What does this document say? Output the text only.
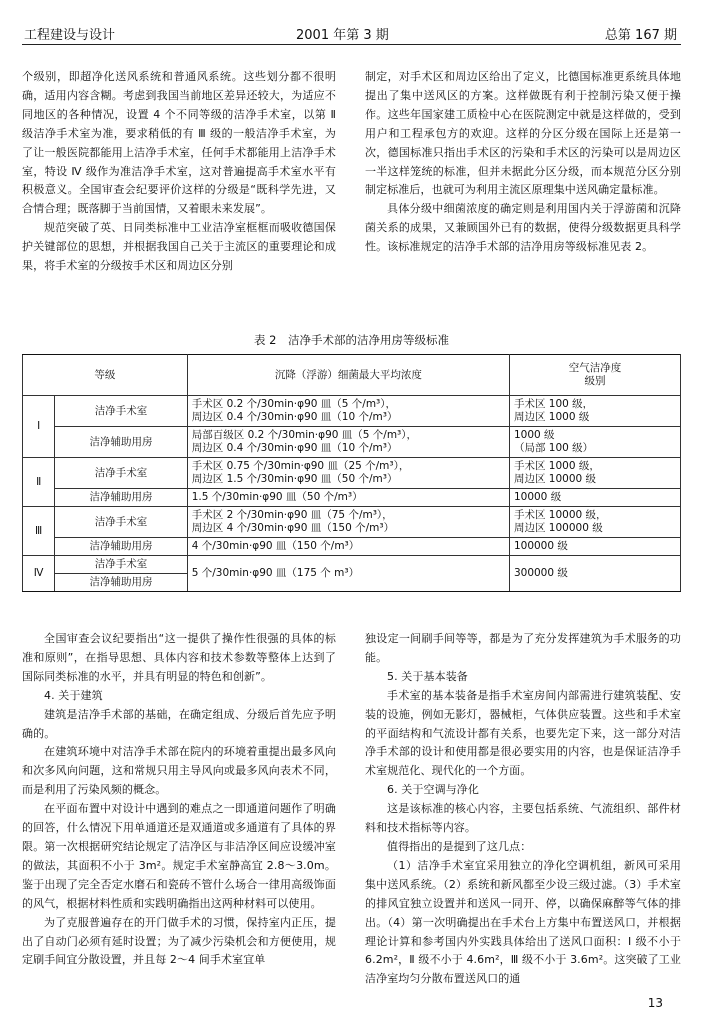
工程建设与设计	2001 年第 3 期	总第 167 期

个级别，即超净化送风系统和普通风系统。这些划分都不很明确，适用内容含糊。考虑到我国当前地区差异还较大，为适应不同地区的各种情况，设置 4 个不同等级的洁净手术室，以第 Ⅱ 级洁净手术室为准，要求稍低的有 Ⅲ 级的一般洁净手术室，为了让一般医院都能用上洁净手术室，任何手术都能用上洁净手术室，特设 Ⅳ 级作为准洁净手术室，这对普遍提高手术室水平有积极意义。全国审查会纪要评价这样的分级是“既科学先进，又合情合理；既落脚于当前国情，又着眼未来发展”。

规范突破了英、日同类标准中工业洁净室框框而吸收德国保护关键部位的思想，并根据我国自己关于主流区的重要理论和成果，将手术室的分级按手术区和周边区分别

制定，对手术区和周边区给出了定义，比德国标准更系统具体地提出了集中送风区的方案。这样做既有利于控制污染又便于操作。这些年国家建工质检中心在医院测定中就是这样做的，受到用户和工程承包方的欢迎。这样的分区分级在国际上还是第一次，德国标准只指出手术区的污染和手术区的污染可以是周边区一半这样笼统的标准，但并未据此分区分级，而本规范分区分别制定标准后，也就可为利用主流区原理集中送风确定量标准。

具体分级中细菌浓度的确定则是利用国内关于浮游菌和沉降菌关系的成果，又兼顾国外已有的数据，使得分级数据更具科学性。该标准规定的洁净手术部的洁净用房等级标准见表 2。

表 2　洁净手术部的洁净用房等级标准
等级		沉降（浮游）细菌最大平均浓度	空气洁净度
级别
Ⅰ	洁净手术室	手术区 0.2 个/30min·φ90 皿（5 个/m³），
周边区 0.4 个/30min·φ90 皿（10 个/m³）	手术区 100 级，
周边区 1000 级

	洁净辅助用房	局部百级区 0.2 个/30min·φ90 皿（5 个/m³），
周边区 0.4 个/30min·φ90 皿（10 个/m³）	1000 级
（局部 100 级）

Ⅱ	洁净手术室	手术区 0.75 个/30min·φ90 皿（25 个/m³），
周边区 1.5 个/30min·φ90 皿（50 个/m³）	手术区 1000 级，
周边区 10000 级

	洁净辅助用房	1.5 个/30min·φ90 皿（50 个/m³）	10000 级
Ⅲ	洁净手术室	手术区 2 个/30min·φ90 皿（75 个/m³），
周边区 4 个/30min·φ90 皿（150 个/m³）	手术区 10000 级，
周边区 100000 级

	洁净辅助用房	4 个/30min·φ90 皿（150 个/m³）	100000 级
Ⅳ	洁净手术室	5 个/30min·φ90 皿（175 个 m³）	300000 级
	洁净辅助用房		

全国审查会议纪要指出“这一提供了操作性很强的具体的标准和原则”，在指导思想、具体内容和技术参数等整体上达到了国际同类标准的水平，并具有明显的特色和创新”。

4. 关于建筑

建筑是洁净手术部的基础，在确定组成、分级后首先应予明确的。

在建筑环境中对洁净手术部在院内的环境着重提出最多风向和次多风向问题，这和常规只用主导风向或最多风向表术不同，而是利用了污染风频的概念。

在平面布置中对设计中遇到的难点之一即通道问题作了明确的回答，什么情况下用单通道还是双通道或多通道有了具体的界限。第一次根据研究结论规定了洁净区与非洁净区间应设缓冲室的做法，其面积不小于 3m²。规定手术室静高宜 2.8～3.0m。鉴于出现了完全否定水磨石和瓷砖不管什么场合一律用高级饰面的风气，根据材料性质和实践明确指出这两种材料可以使用。

为了克服普遍存在的开门做手术的习惯，保持室内正压，提出了自动门必须有延时设置；为了减少污染机会和方便使用，规定刷手间宜分散设置，并且每 2～4 间手术室宜单

独设定一间刷手间等等，都是为了充分发挥建筑为手术服务的功能。

5. 关于基本装备

手术室的基本装备是指手术室房间内部需进行建筑装配、安装的设施，例如无影灯，器械柜，气体供应装置。这些和手术室的平面结构和气流设计都有关系，也要先定下来，这一部分对洁净手术部的设计和使用都是很必要实用的内容，也是保证洁净手术室规范化、现代化的一个方面。

6. 关于空调与净化

这是该标准的核心内容，主要包括系统、气流组织、部件材料和技术指标等内容。

值得指出的是提到了这几点：

（1）洁净手术室宜采用独立的净化空调机组，新风可采用集中送风系统。（2）系统和新风都至少设三级过滤。（3）手术室的排风宜独立设置并和送风一同开、停，以确保麻醉等气体的排出。（4）第一次明确提出在手术台上方集中布置送风口，并根据理论计算和参考国内外实践具体给出了送风口面积：Ⅰ 级不小于 6.2m²，Ⅱ 级不小于 4.6m²，Ⅲ 级不小于 3.6m²。这突破了工业洁净室均匀分散布置送风口的通

13
